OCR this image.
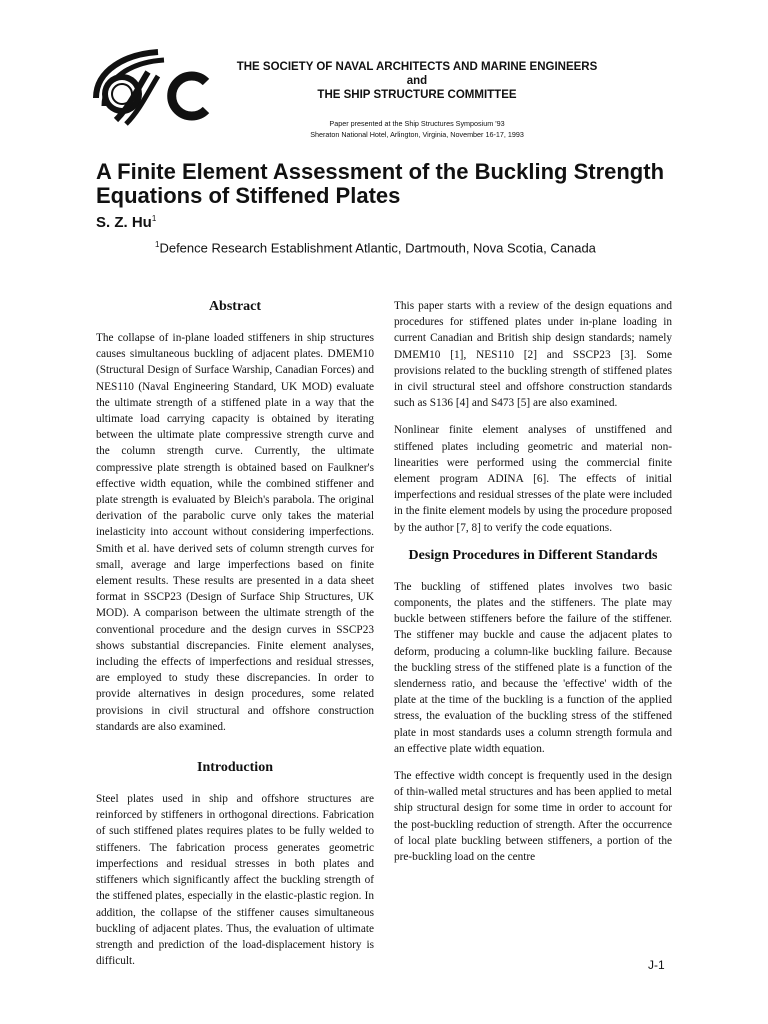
THE SOCIETY OF NAVAL ARCHITECTS AND MARINE ENGINEERS
and
THE SHIP STRUCTURE COMMITTEE
Paper presented at the Ship Structures Symposium '93
Sheraton National Hotel, Arlington, Virginia, November 16-17, 1993
A Finite Element Assessment of the Buckling Strength Equations of Stiffened Plates
S. Z. Hu$^1$
$^1$Defence Research Establishment Atlantic, Dartmouth, Nova Scotia, Canada
Abstract

The collapse of in-plane loaded stiffeners in ship structures causes simultaneous buckling of adjacent plates. DMEM10 (Structural Design of Surface Warship, Canadian Forces) and NES110 (Naval Engineering Standard, UK MOD) evaluate the ultimate strength of a stiffened plate in a way that the ultimate load carrying capacity is obtained by iterating between the ultimate plate compressive strength curve and the column strength curve. Currently, the ultimate compressive plate strength is obtained based on Faulkner's effective width equation, while the combined stiffener and plate strength is evaluated by Bleich's parabola. The original derivation of the parabolic curve only takes the material inelasticity into account without considering imperfections. Smith et al. have derived sets of column strength curves for small, average and large imperfections based on finite element results. These results are presented in a data sheet format in SSCP23 (Design of Surface Ship Structures, UK MOD). A comparison between the ultimate strength of the conventional procedure and the design curves in SSCP23 shows substantial discrepancies. Finite element analyses, including the effects of imperfections and residual stresses, are employed to study these discrepancies. In order to provide alternatives in design procedures, some related provisions in civil structural and offshore construction standards are also examined.

Introduction

Steel plates used in ship and offshore structures are reinforced by stiffeners in orthogonal directions. Fabrication of such stiffened plates requires plates to be fully welded to stiffeners. The fabrication process generates geometric imperfections and residual stresses in both plates and stiffeners which significantly affect the buckling strength of the stiffened plates, especially in the elastic-plastic region. In addition, the collapse of the stiffener causes simultaneous buckling of adjacent plates. Thus, the evaluation of ultimate strength and prediction of the load-displacement history is difficult.

This paper starts with a review of the design equations and procedures for stiffened plates under in-plane loading in current Canadian and British ship design standards; namely DMEM10 [1], NES110 [2] and SSCP23 [3]. Some provisions related to the buckling strength of stiffened plates in civil structural steel and offshore construction standards such as S136 [4] and S473 [5] are also examined.

Nonlinear finite element analyses of unstiffened and stiffened plates including geometric and material non-linearities were performed using the commercial finite element program ADINA [6]. The effects of initial imperfections and residual stresses of the plate were included in the finite element models by using the procedure proposed by the author [7, 8] to verify the code equations.

Design Procedures in Different Standards

The buckling of stiffened plates involves two basic components, the plates and the stiffeners. The plate may buckle between stiffeners before the failure of the stiffener. The stiffener may buckle and cause the adjacent plates to deform, producing a column-like buckling failure. Because the buckling stress of the stiffened plate is a function of the slenderness ratio, and because the 'effective' width of the plate at the time of the buckling is a function of the applied stress, the evaluation of the buckling stress of the stiffened plate in most standards uses a column strength formula and an effective plate width equation.

The effective width concept is frequently used in the design of thin-walled metal structures and has been applied to metal ship structural design for some time in order to account for the post-buckling reduction of strength. After the occurrence of local plate buckling between stiffeners, a portion of the pre-buckling load on the centre

J-1
